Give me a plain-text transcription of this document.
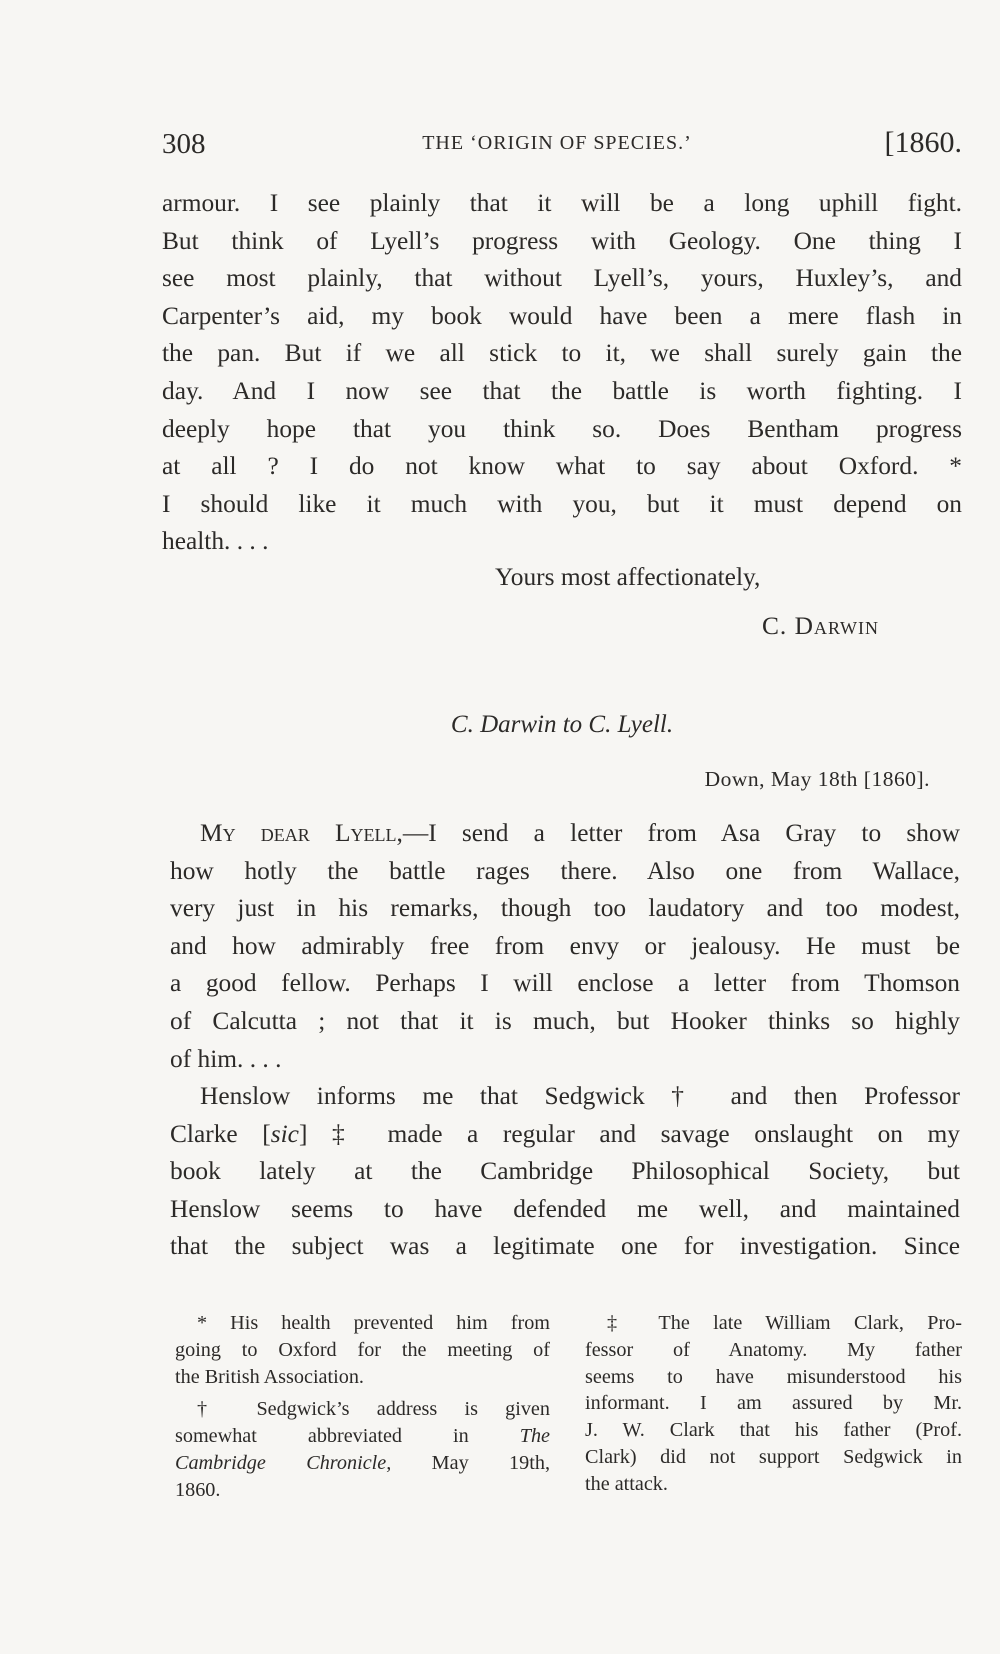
308	THE ‘ORIGIN OF SPECIES.’	[1860.
armour. I see plainly that it will be a long uphill fight.
But think of Lyell’s progress with Geology. One thing I
see most plainly, that without Lyell’s, yours, Huxley’s, and
Carpenter’s aid, my book would have been a mere flash in
the pan. But if we all stick to it, we shall surely gain the
day. And I now see that the battle is worth fighting. I
deeply hope that you think so. Does Bentham progress
at all ? I do not know what to say about Oxford. *
I should like it much with you, but it must depend on
health. . . .
Yours most affectionately,
C. Darwin
C. Darwin to C. Lyell.
Down, May 18th [1860].
My dear Lyell,—I send a letter from Asa Gray to show
how hotly the battle rages there. Also one from Wallace,
very just in his remarks, though too laudatory and too modest,
and how admirably free from envy or jealousy. He must be
a good fellow. Perhaps I will enclose a letter from Thomson
of Calcutta ; not that it is much, but Hooker thinks so highly
of him. . . .
Henslow informs me that Sedgwick † and then Professor
Clarke [sic] ‡ made a regular and savage onslaught on my
book lately at the Cambridge Philosophical Society, but
Henslow seems to have defended me well, and maintained
that the subject was a legitimate one for investigation. Since
* His health prevented him from
going to Oxford for the meeting of
the British Association.
† Sedgwick’s address is given
somewhat abbreviated in The
Cambridge Chronicle, May 19th,
1860.
‡ The late William Clark, Pro-
fessor of Anatomy. My father
seems to have misunderstood his
informant. I am assured by Mr.
J. W. Clark that his father (Prof.
Clark) did not support Sedgwick in
the attack.
